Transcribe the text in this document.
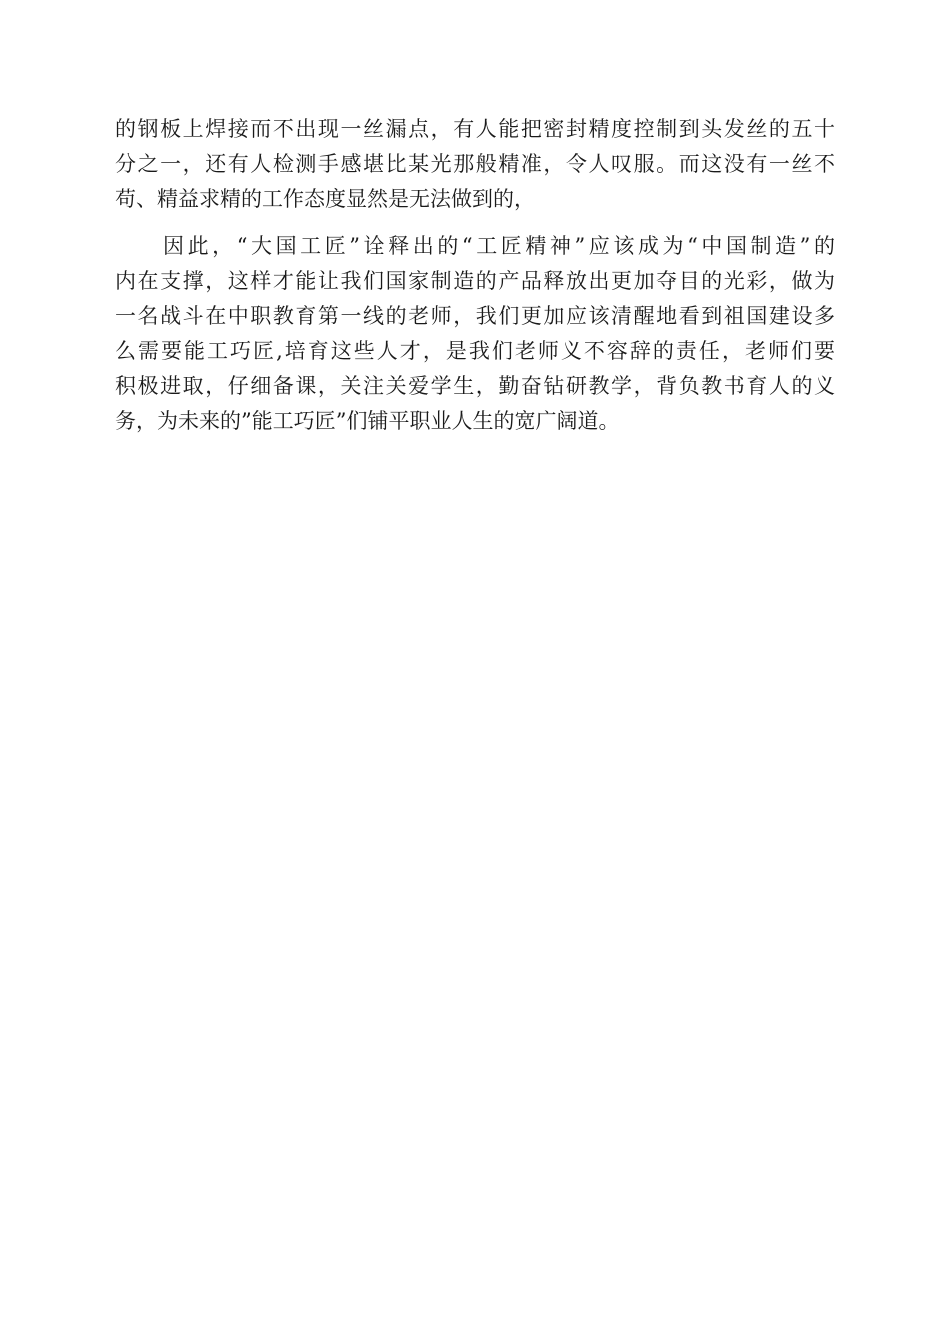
的钢板上焊接而不出现一丝漏点，有人能把密封精度控制到头发丝的五十
分之一，还有人检测手感堪比某光那般精准，令人叹服。而这没有一丝不
苟、精益求精的工作态度显然是无法做到的，
因此，“大国工匠”诠释出的“工匠精神”应该成为“中国制造”的
内在支撑，这样才能让我们国家制造的产品释放出更加夺目的光彩，做为
一名战斗在中职教育第一线的老师，我们更加应该清醒地看到祖国建设多
么需要能工巧匠,培育这些人才，是我们老师义不容辞的责任，老师们要
积极进取，仔细备课，关注关爱学生，勤奋钻研教学，背负教书育人的义
务，为未来的”能工巧匠”们铺平职业人生的宽广阔道。
